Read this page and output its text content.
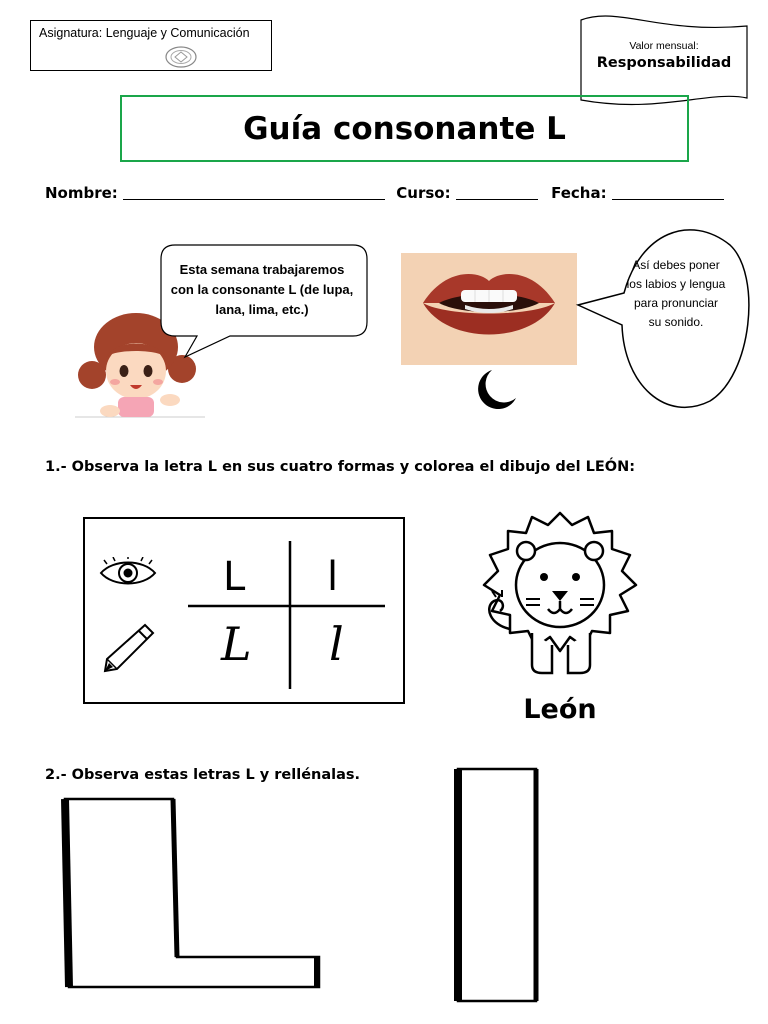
Asignatura: Lenguaje y Comunicación
Valor mensual:
Responsabilidad
Guía consonante L
Nombre:	Curso:	Fecha:
Esta semana trabajaremos con la consonante L (de lupa, lana, lima, etc.)
Así debes poner los labios y lengua para pronunciar su sonido.
1.- Observa la letra L en sus cuatro formas y colorea el dibujo del LEÓN:
L l
L l
León
2.- Observa estas letras L y rellénalas.
